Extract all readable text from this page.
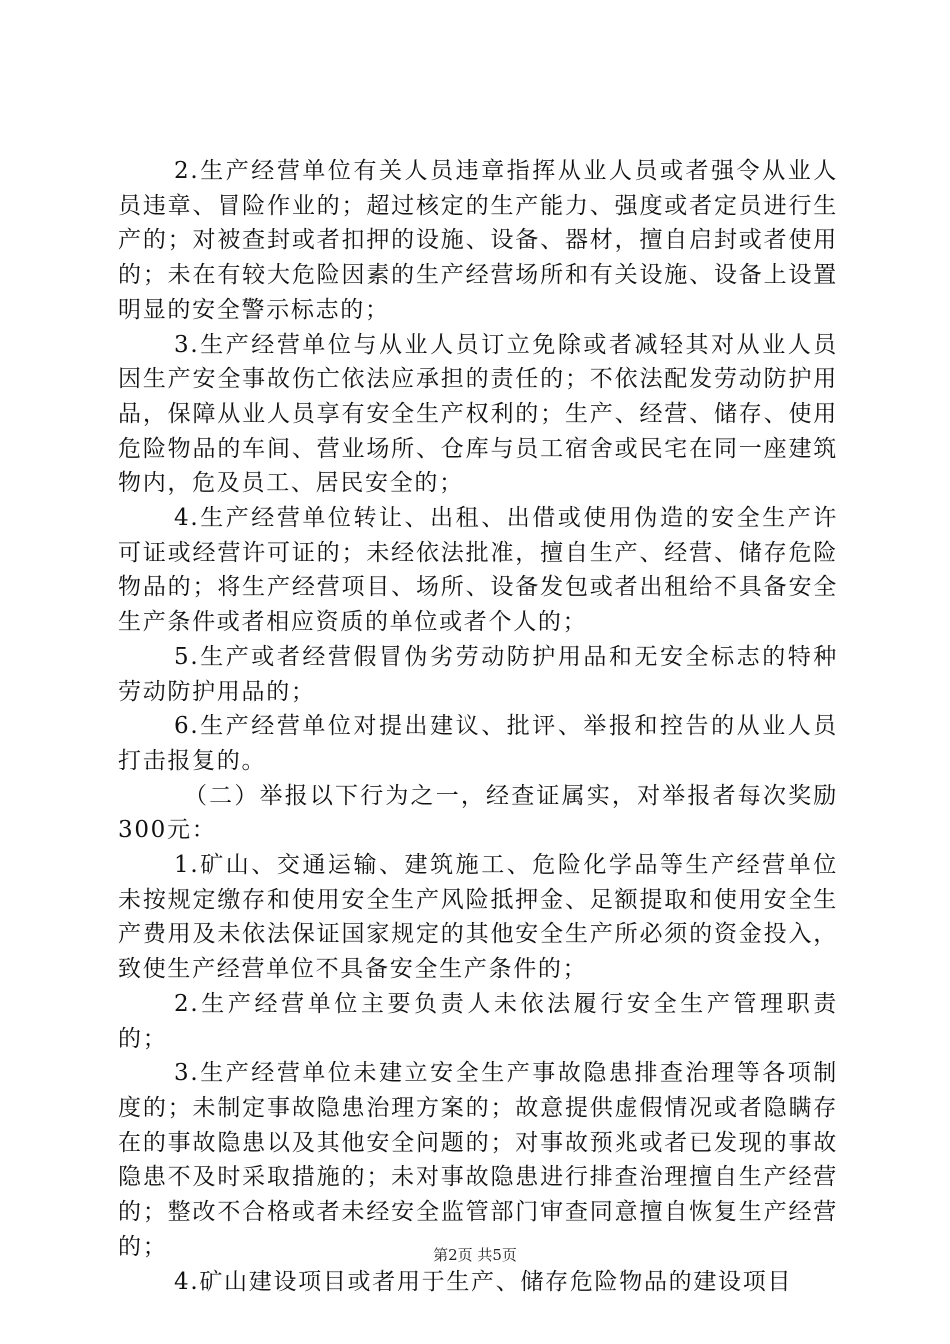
2.生产经营单位有关人员违章指挥从业人员或者强令从业人员违章、冒险作业的；超过核定的生产能力、强度或者定员进行生产的；对被查封或者扣押的设施、设备、器材，擅自启封或者使用的；未在有较大危险因素的生产经营场所和有关设施、设备上设置明显的安全警示标志的；

3.生产经营单位与从业人员订立免除或者减轻其对从业人员因生产安全事故伤亡依法应承担的责任的；不依法配发劳动防护用品，保障从业人员享有安全生产权利的；生产、经营、储存、使用危险物品的车间、营业场所、仓库与员工宿舍或民宅在同一座建筑物内，危及员工、居民安全的；

4.生产经营单位转让、出租、出借或使用伪造的安全生产许可证或经营许可证的；未经依法批准，擅自生产、经营、储存危险物品的；将生产经营项目、场所、设备发包或者出租给不具备安全生产条件或者相应资质的单位或者个人的；

5.生产或者经营假冒伪劣劳动防护用品和无安全标志的特种劳动防护用品的；

6.生产经营单位对提出建议、批评、举报和控告的从业人员打击报复的。

（二）举报以下行为之一，经查证属实，对举报者每次奖励300元：

1.矿山、交通运输、建筑施工、危险化学品等生产经营单位未按规定缴存和使用安全生产风险抵押金、足额提取和使用安全生产费用及未依法保证国家规定的其他安全生产所必须的资金投入，致使生产经营单位不具备安全生产条件的；

2.生产经营单位主要负责人未依法履行安全生产管理职责的；

3.生产经营单位未建立安全生产事故隐患排查治理等各项制度的；未制定事故隐患治理方案的；故意提供虚假情况或者隐瞒存在的事故隐患以及其他安全问题的；对事故预兆或者已发现的事故隐患不及时采取措施的；未对事故隐患进行排查治理擅自生产经营的；整改不合格或者未经安全监管部门审查同意擅自恢复生产经营的；

4.矿山建设项目或者用于生产、储存危险物品的建设项目

第2页 共5页
